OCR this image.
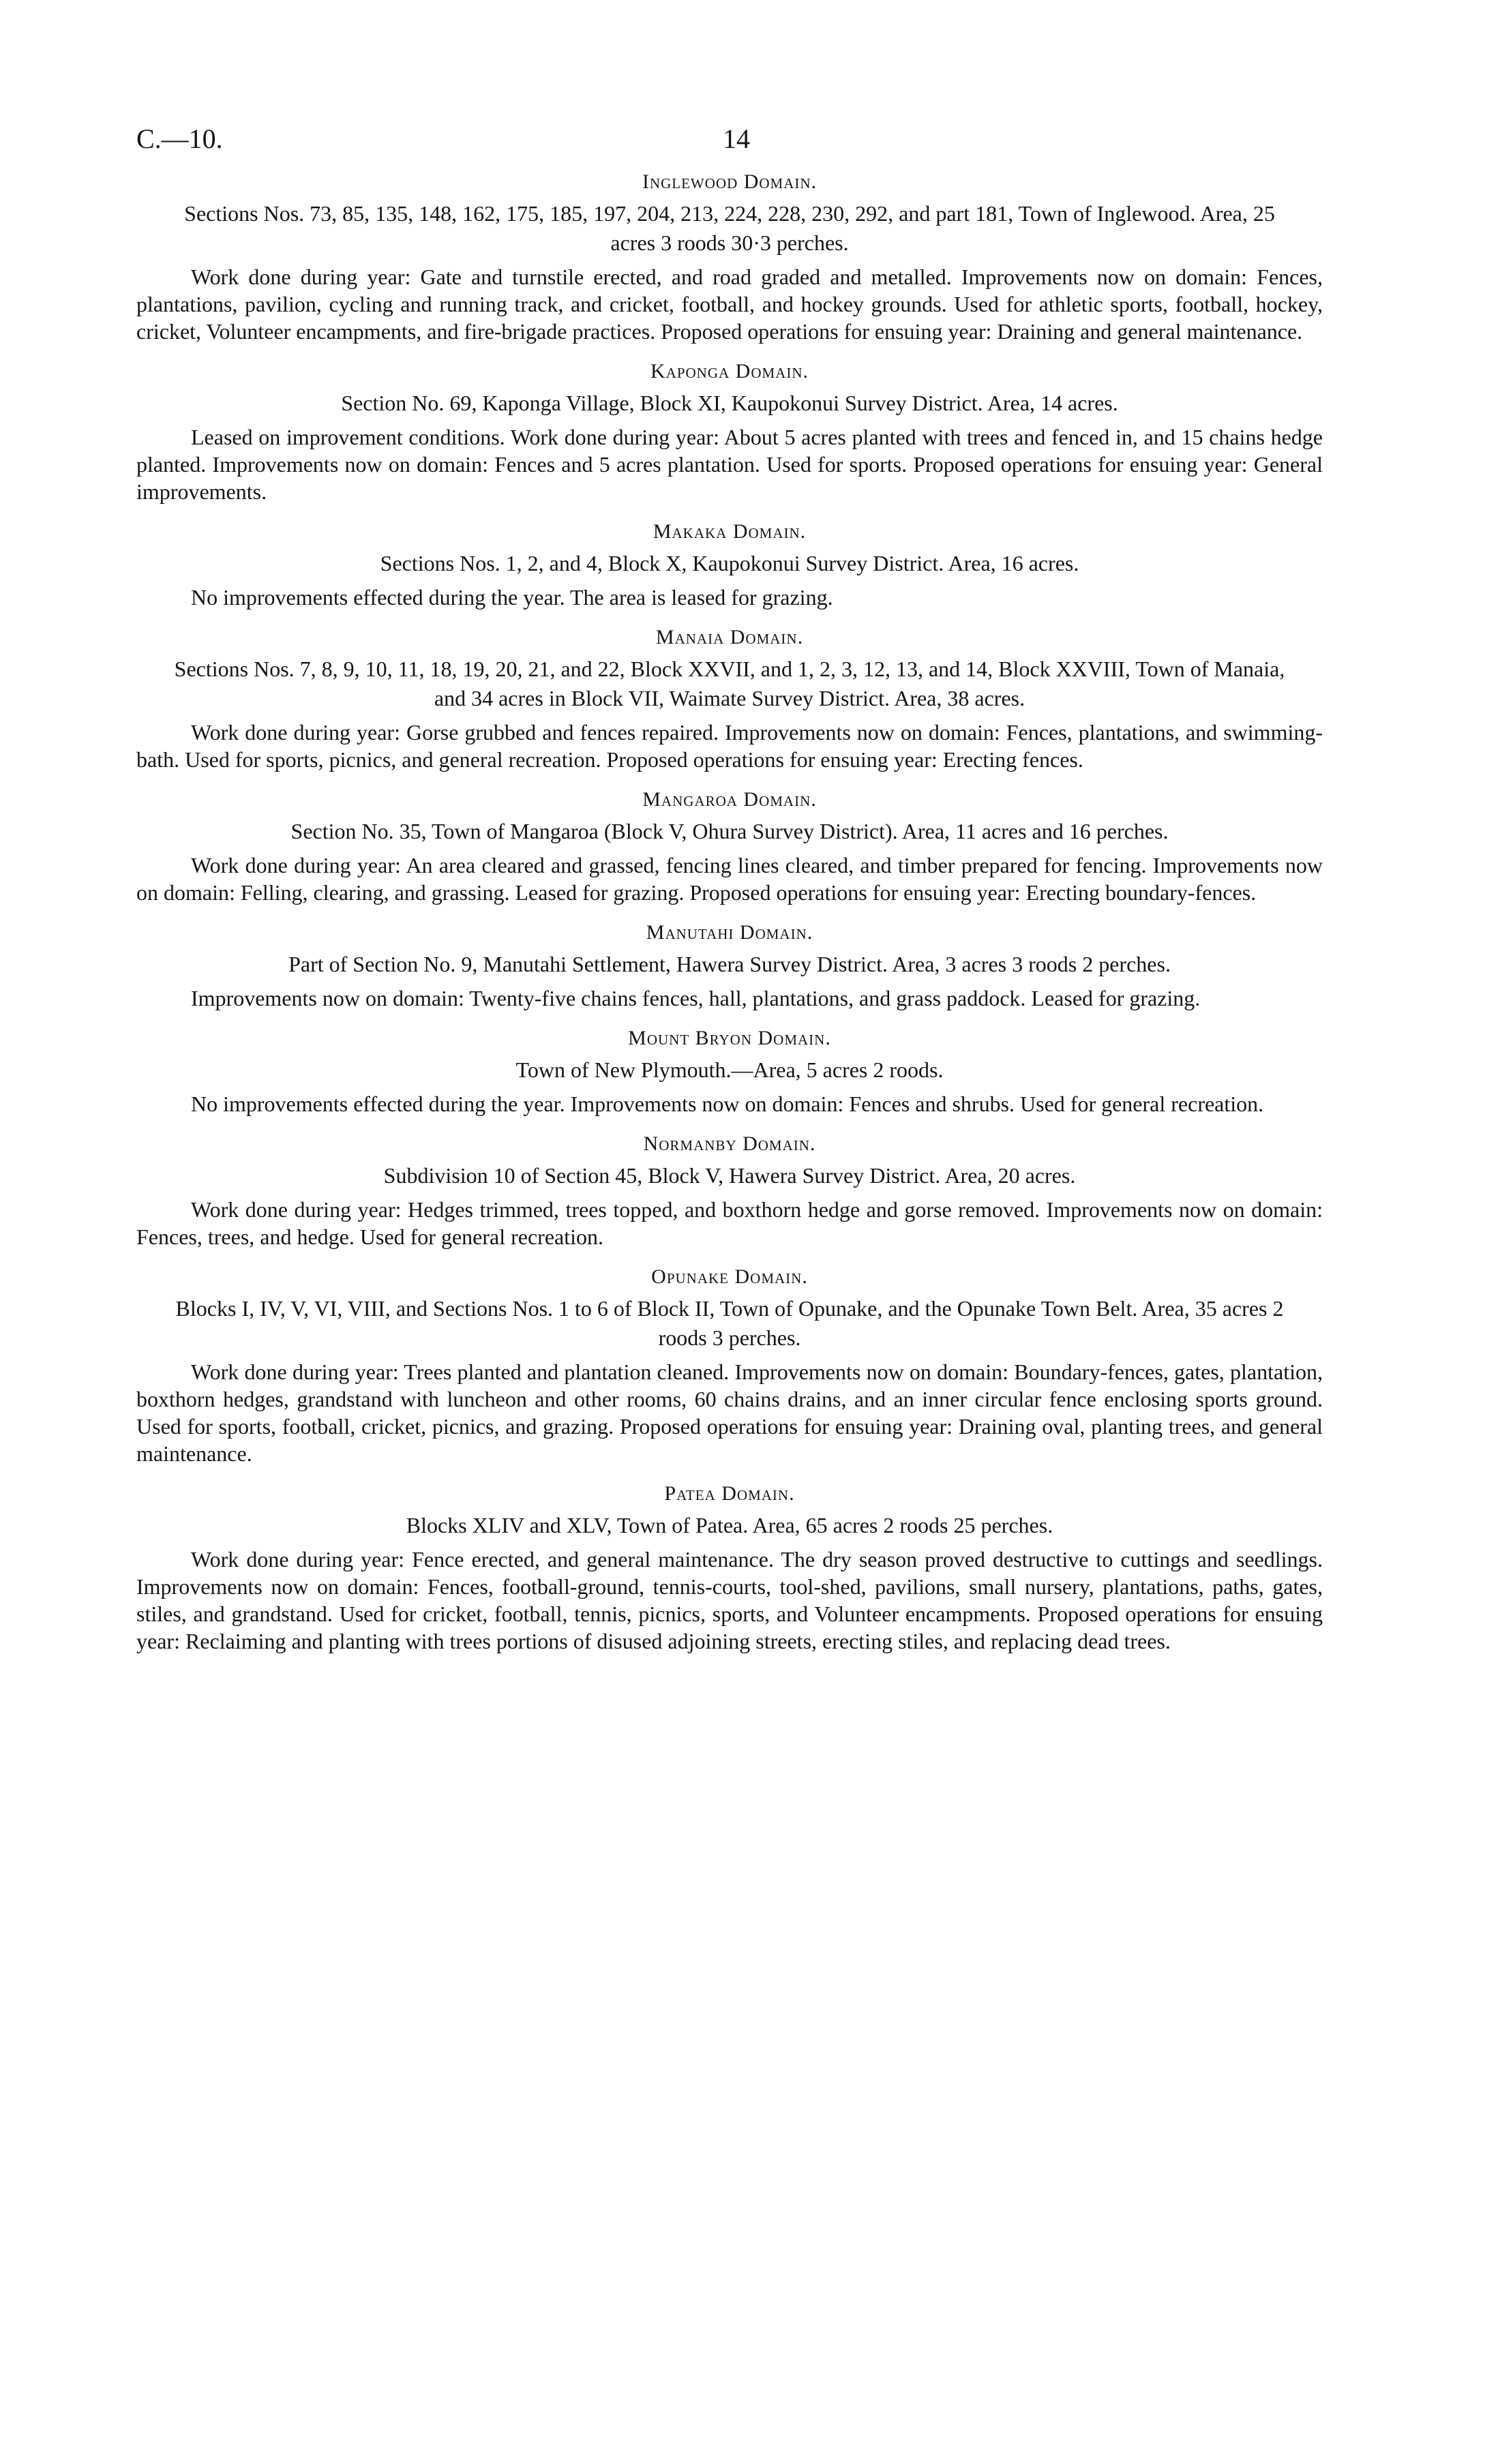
C.—10.	14
Inglewood Domain.
Sections Nos. 73, 85, 135, 148, 162, 175, 185, 197, 204, 213, 224, 228, 230, 292, and part 181, Town of Inglewood. Area, 25 acres 3 roods 30·3 perches.

Work done during year: Gate and turnstile erected, and road graded and metalled. Improvements now on domain: Fences, plantations, pavilion, cycling and running track, and cricket, football, and hockey grounds. Used for athletic sports, football, hockey, cricket, Volunteer encampments, and fire-brigade practices. Proposed operations for ensuing year: Draining and general maintenance.

Kaponga Domain.
Section No. 69, Kaponga Village, Block XI, Kaupokonui Survey District. Area, 14 acres.

Leased on improvement conditions. Work done during year: About 5 acres planted with trees and fenced in, and 15 chains hedge planted. Improvements now on domain: Fences and 5 acres plantation. Used for sports. Proposed operations for ensuing year: General improvements.

Makaka Domain.
Sections Nos. 1, 2, and 4, Block X, Kaupokonui Survey District. Area, 16 acres.

No improvements effected during the year. The area is leased for grazing.

Manaia Domain.
Sections Nos. 7, 8, 9, 10, 11, 18, 19, 20, 21, and 22, Block XXVII, and 1, 2, 3, 12, 13, and 14, Block XXVIII, Town of Manaia, and 34 acres in Block VII, Waimate Survey District. Area, 38 acres.

Work done during year: Gorse grubbed and fences repaired. Improvements now on domain: Fences, plantations, and swimming-bath. Used for sports, picnics, and general recreation. Proposed operations for ensuing year: Erecting fences.

Mangaroa Domain.
Section No. 35, Town of Mangaroa (Block V, Ohura Survey District). Area, 11 acres and 16 perches.

Work done during year: An area cleared and grassed, fencing lines cleared, and timber prepared for fencing. Improvements now on domain: Felling, clearing, and grassing. Leased for grazing. Proposed operations for ensuing year: Erecting boundary-fences.

Manutahi Domain.
Part of Section No. 9, Manutahi Settlement, Hawera Survey District. Area, 3 acres 3 roods 2 perches.

Improvements now on domain: Twenty-five chains fences, hall, plantations, and grass paddock. Leased for grazing.

Mount Bryon Domain.
Town of New Plymouth.—Area, 5 acres 2 roods.

No improvements effected during the year. Improvements now on domain: Fences and shrubs. Used for general recreation.

Normanby Domain.
Subdivision 10 of Section 45, Block V, Hawera Survey District. Area, 20 acres.

Work done during year: Hedges trimmed, trees topped, and boxthorn hedge and gorse removed. Improvements now on domain: Fences, trees, and hedge. Used for general recreation.

Opunake Domain.
Blocks I, IV, V, VI, VIII, and Sections Nos. 1 to 6 of Block II, Town of Opunake, and the Opunake Town Belt. Area, 35 acres 2 roods 3 perches.

Work done during year: Trees planted and plantation cleaned. Improvements now on domain: Boundary-fences, gates, plantation, boxthorn hedges, grandstand with luncheon and other rooms, 60 chains drains, and an inner circular fence enclosing sports ground. Used for sports, football, cricket, picnics, and grazing. Proposed operations for ensuing year: Draining oval, planting trees, and general maintenance.

Patea Domain.
Blocks XLIV and XLV, Town of Patea. Area, 65 acres 2 roods 25 perches.

Work done during year: Fence erected, and general maintenance. The dry season proved destructive to cuttings and seedlings. Improvements now on domain: Fences, football-ground, tennis-courts, tool-shed, pavilions, small nursery, plantations, paths, gates, stiles, and grandstand. Used for cricket, football, tennis, picnics, sports, and Volunteer encampments. Proposed operations for ensuing year: Reclaiming and planting with trees portions of disused adjoining streets, erecting stiles, and replacing dead trees.
